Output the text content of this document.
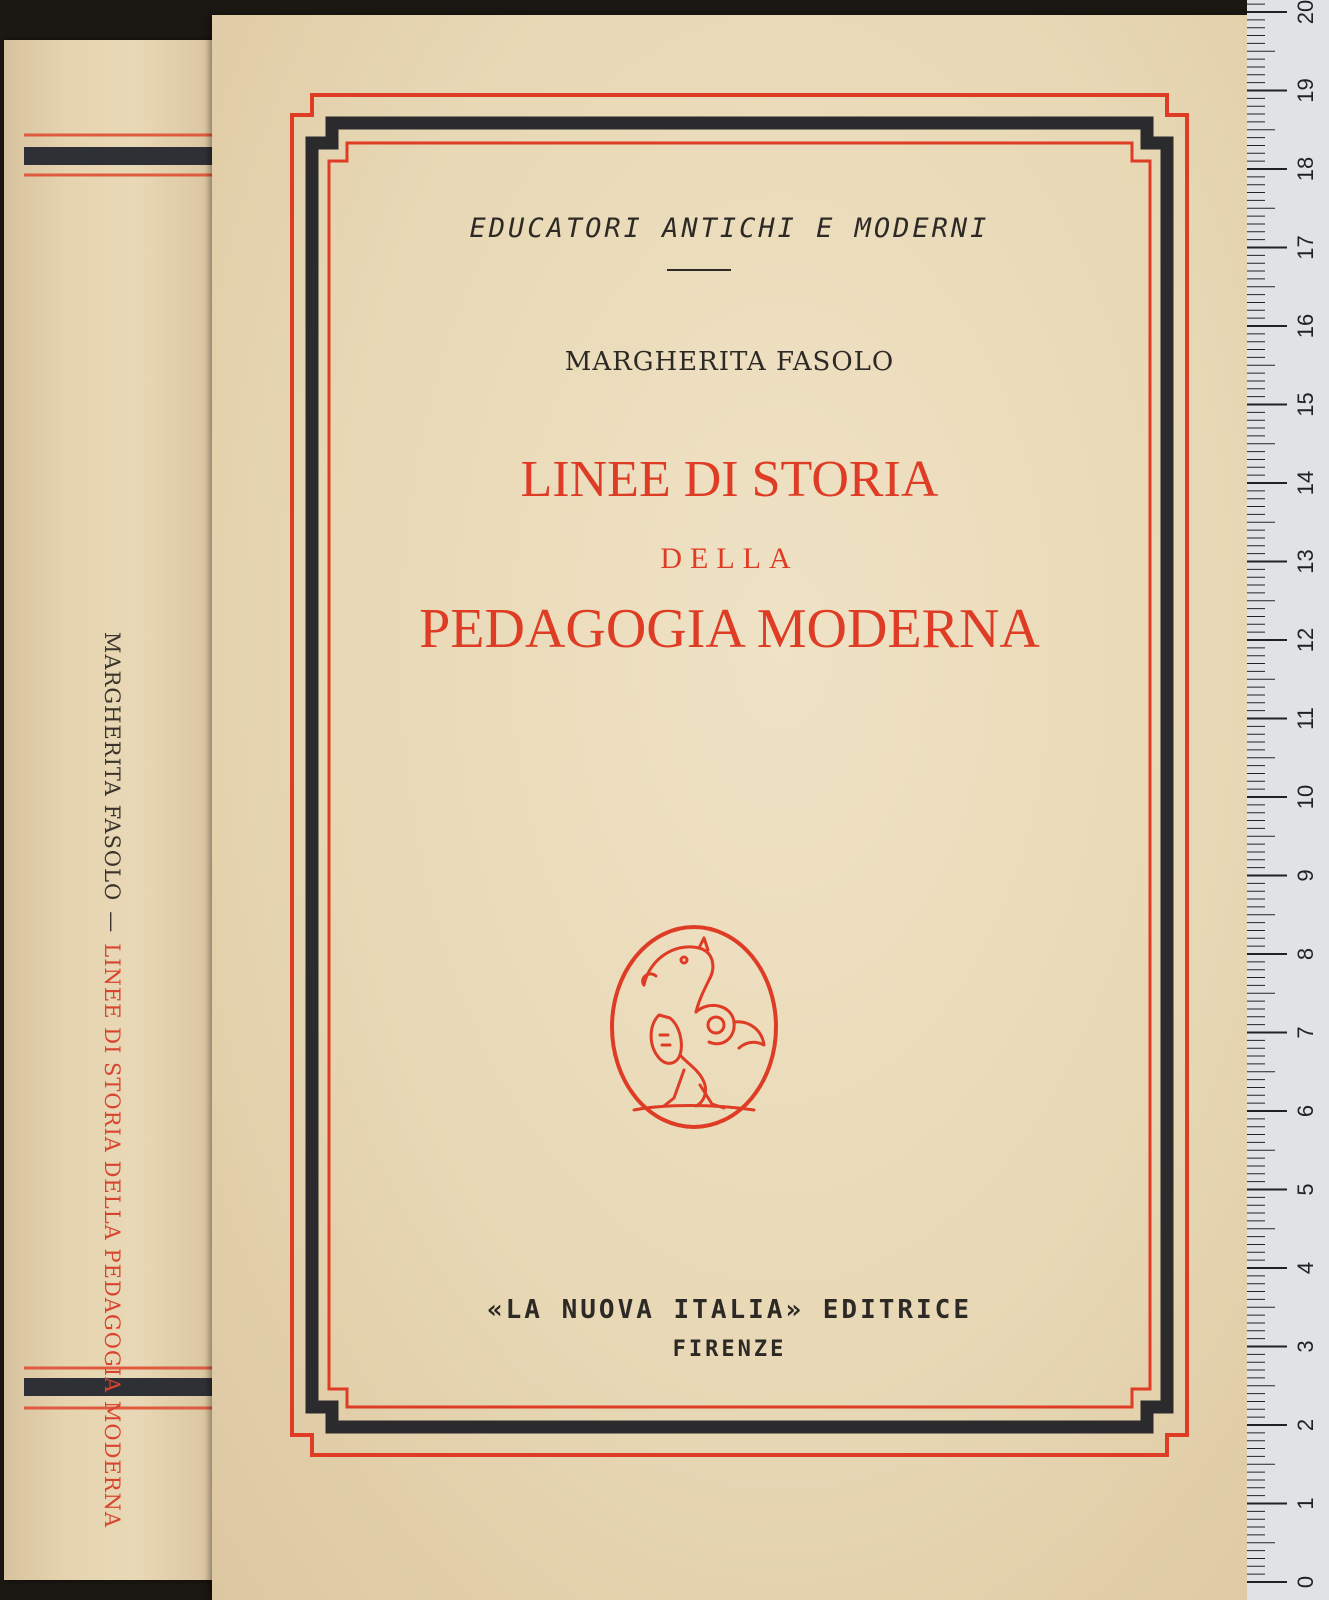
MARGHERITA FASOLO—LINEE DI STORIA DELLA PEDAGOGIA MODERNA
EDUCATORI ANTICHI E MODERNI
MARGHERITA FASOLO
LINEE DI STORIA
DELLA
PEDAGOGIA MODERNA
«LA NUOVA ITALIA» EDITRICE
FIRENZE
0
1
2
3
4
5
6
7
8
9
10
11
12
13
14
15
16
17
18
19
20
